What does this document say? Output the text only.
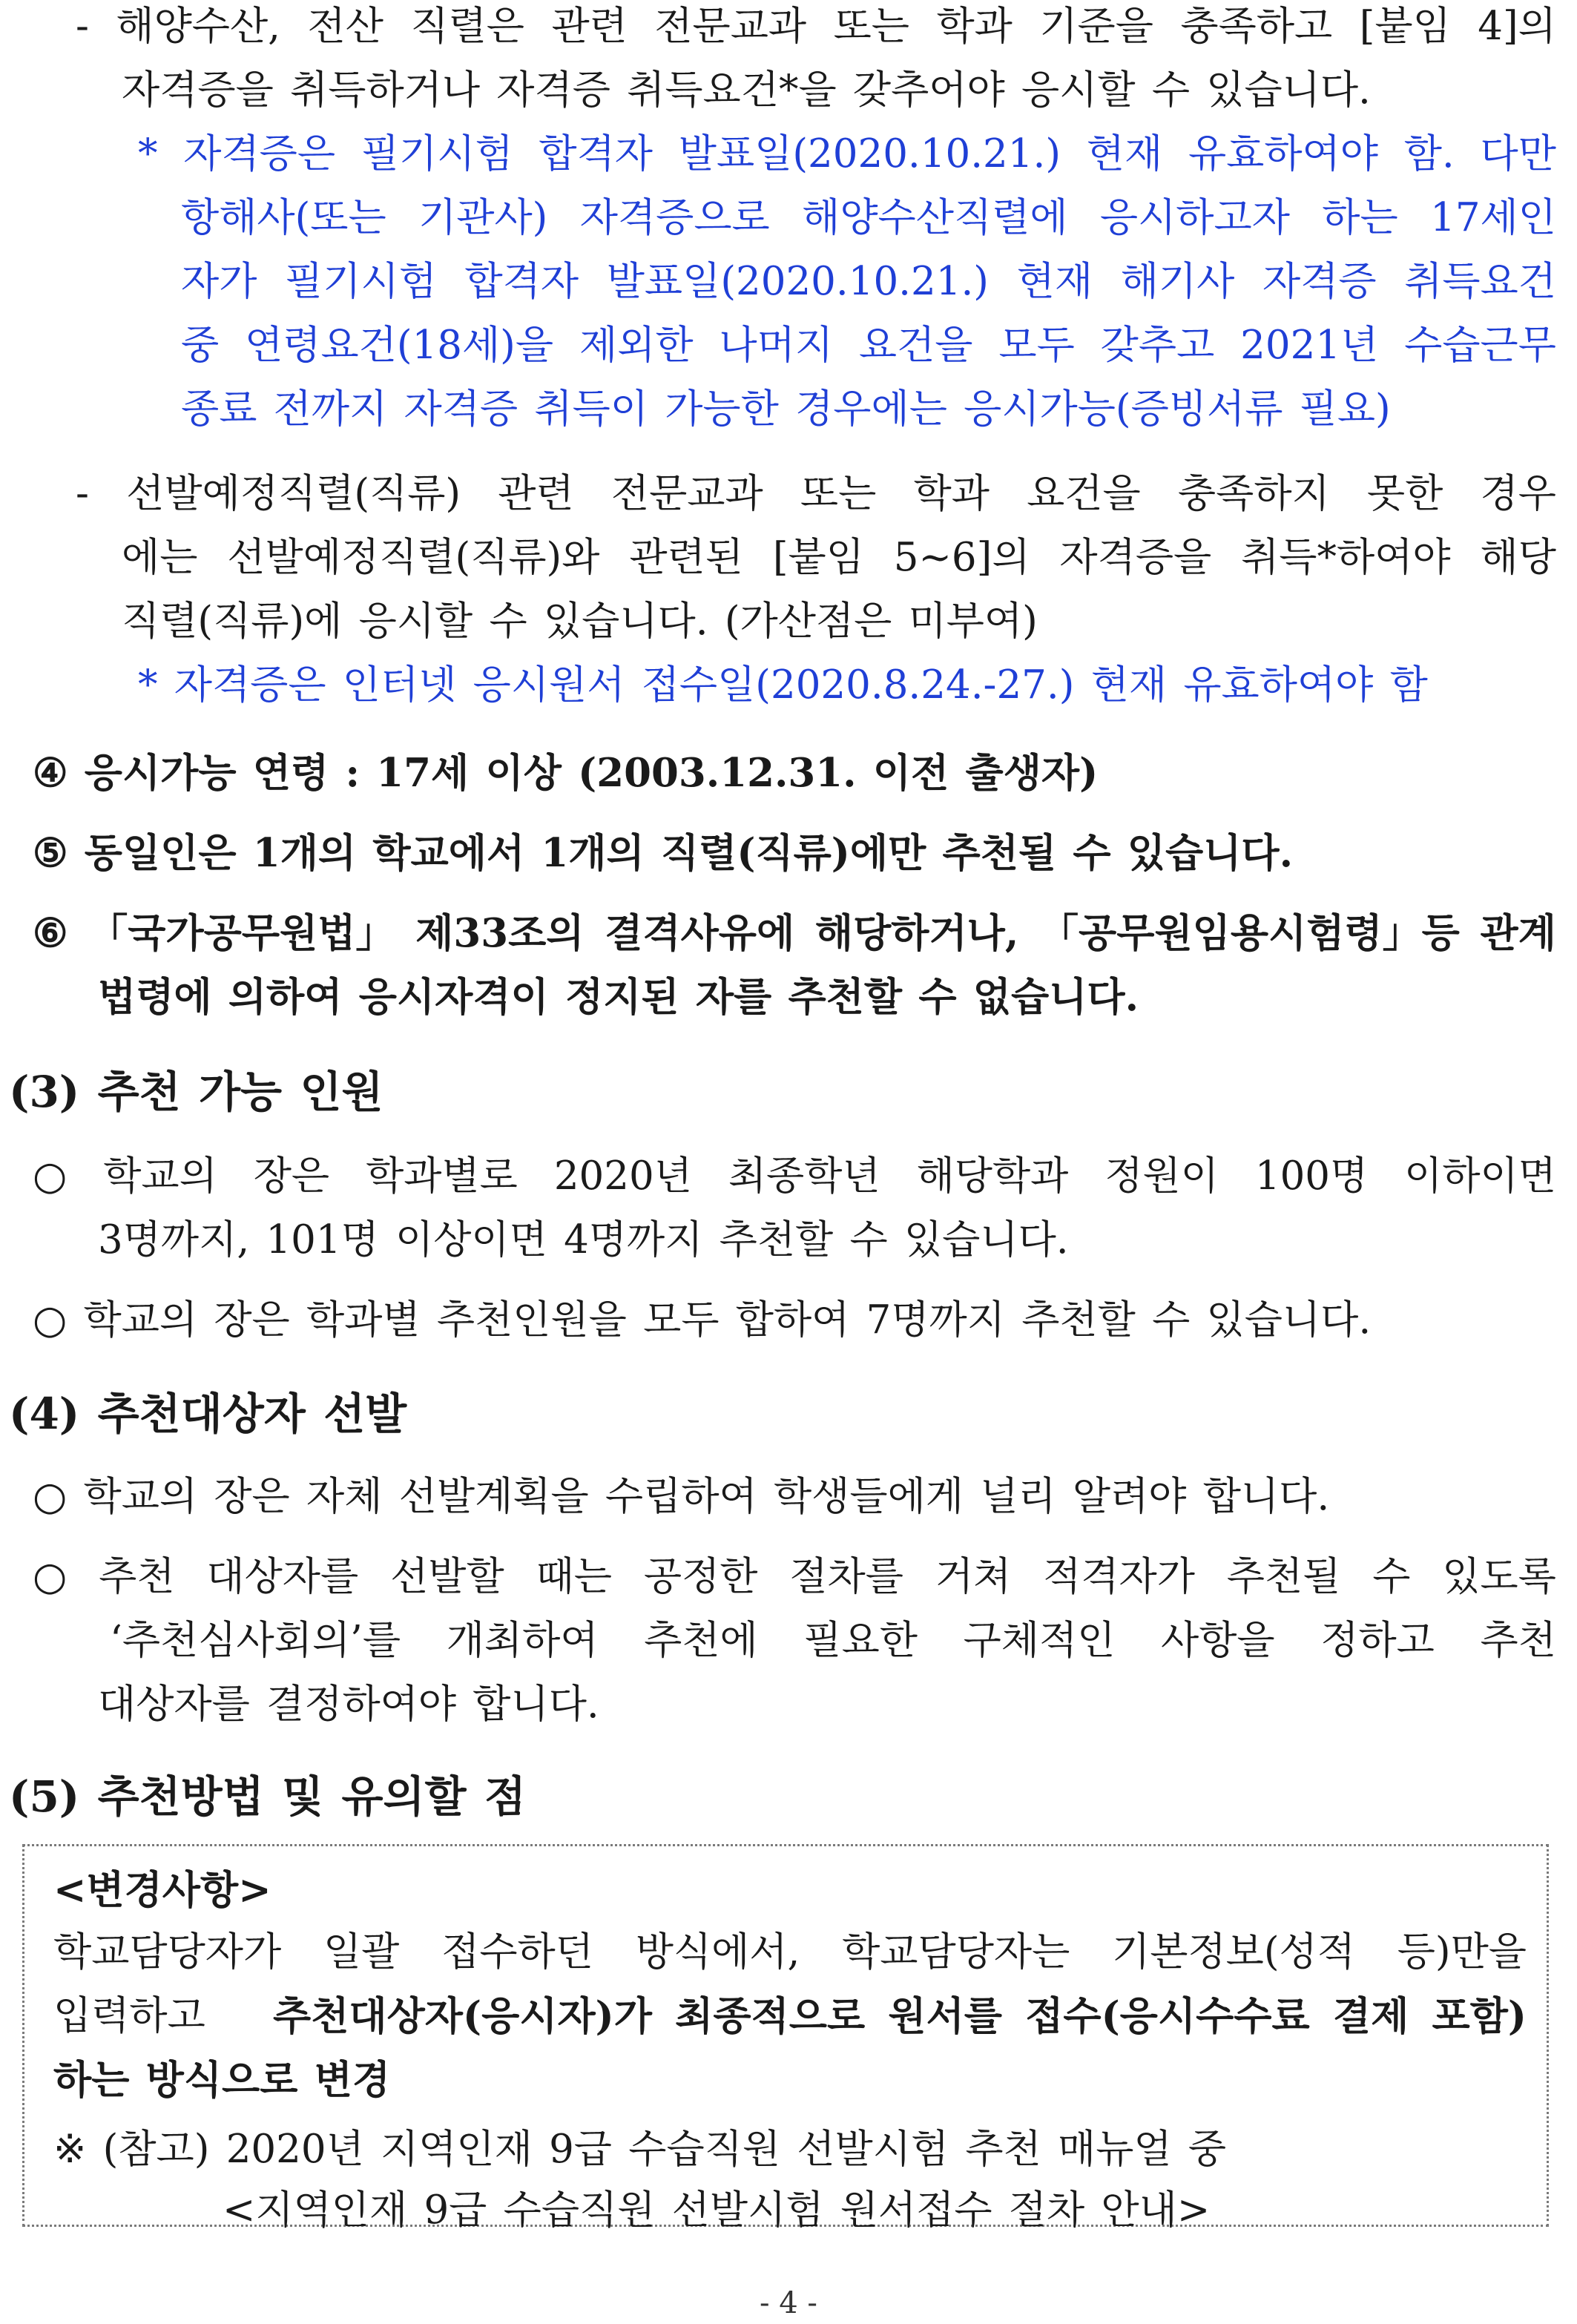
- 해양수산, 전산 직렬은 관련 전문교과 또는 학과 기준을 충족하고 [붙임 4]의
자격증을 취득하거나 자격증 취득요건*을 갖추어야 응시할 수 있습니다.
* 자격증은 필기시험 합격자 발표일(2020.10.21.) 현재 유효하여야 함. 다만
항해사(또는 기관사) 자격증으로 해양수산직렬에 응시하고자 하는 17세인
자가 필기시험 합격자 발표일(2020.10.21.) 현재 해기사 자격증 취득요건
중 연령요건(18세)을 제외한 나머지 요건을 모두 갖추고 2021년 수습근무
종료 전까지 자격증 취득이 가능한 경우에는 응시가능(증빙서류 필요)
- 선발예정직렬(직류) 관련 전문교과 또는 학과 요건을 충족하지 못한 경우
에는 선발예정직렬(직류)와 관련된 [붙임 5~6]의 자격증을 취득*하여야 해당
직렬(직류)에 응시할 수 있습니다. (가산점은 미부여)
* 자격증은 인터넷 응시원서 접수일(2020.8.24.-27.) 현재 유효하여야 함
④ 응시가능 연령 : 17세 이상 (2003.12.31. 이전 출생자)
⑤ 동일인은 1개의 학교에서 1개의 직렬(직류)에만 추천될 수 있습니다.
⑥ 「국가공무원법」 제33조의 결격사유에 해당하거나, 「공무원임용시험령」등 관계
법령에 의하여 응시자격이 정지된 자를 추천할 수 없습니다.
(3) 추천 가능 인원
○ 학교의 장은 학과별로 2020년 최종학년 해당학과 정원이 100명 이하이면
3명까지, 101명 이상이면 4명까지 추천할 수 있습니다.
○ 학교의 장은 학과별 추천인원을 모두 합하여 7명까지 추천할 수 있습니다.
(4) 추천대상자 선발
○ 학교의 장은 자체 선발계획을 수립하여 학생들에게 널리 알려야 합니다.
○ 추천 대상자를 선발할 때는 공정한 절차를 거쳐 적격자가 추천될 수 있도록
‘추천심사회의’를 개최하여 추천에 필요한 구체적인 사항을 정하고 추천
대상자를 결정하여야 합니다.
(5) 추천방법 및 유의할 점
<변경사항>
학교담당자가 일괄 접수하던 방식에서, 학교담당자는 기본정보(성적 등)만을
입력하고 추천대상자(응시자)가 최종적으로 원서를 접수(응시수수료 결제 포함)
하는 방식으로 변경
※ (참고) 2020년 지역인재 9급 수습직원 선발시험 추천 매뉴얼 중
<지역인재 9급 수습직원 선발시험 원서접수 절차 안내>
- 4 -
